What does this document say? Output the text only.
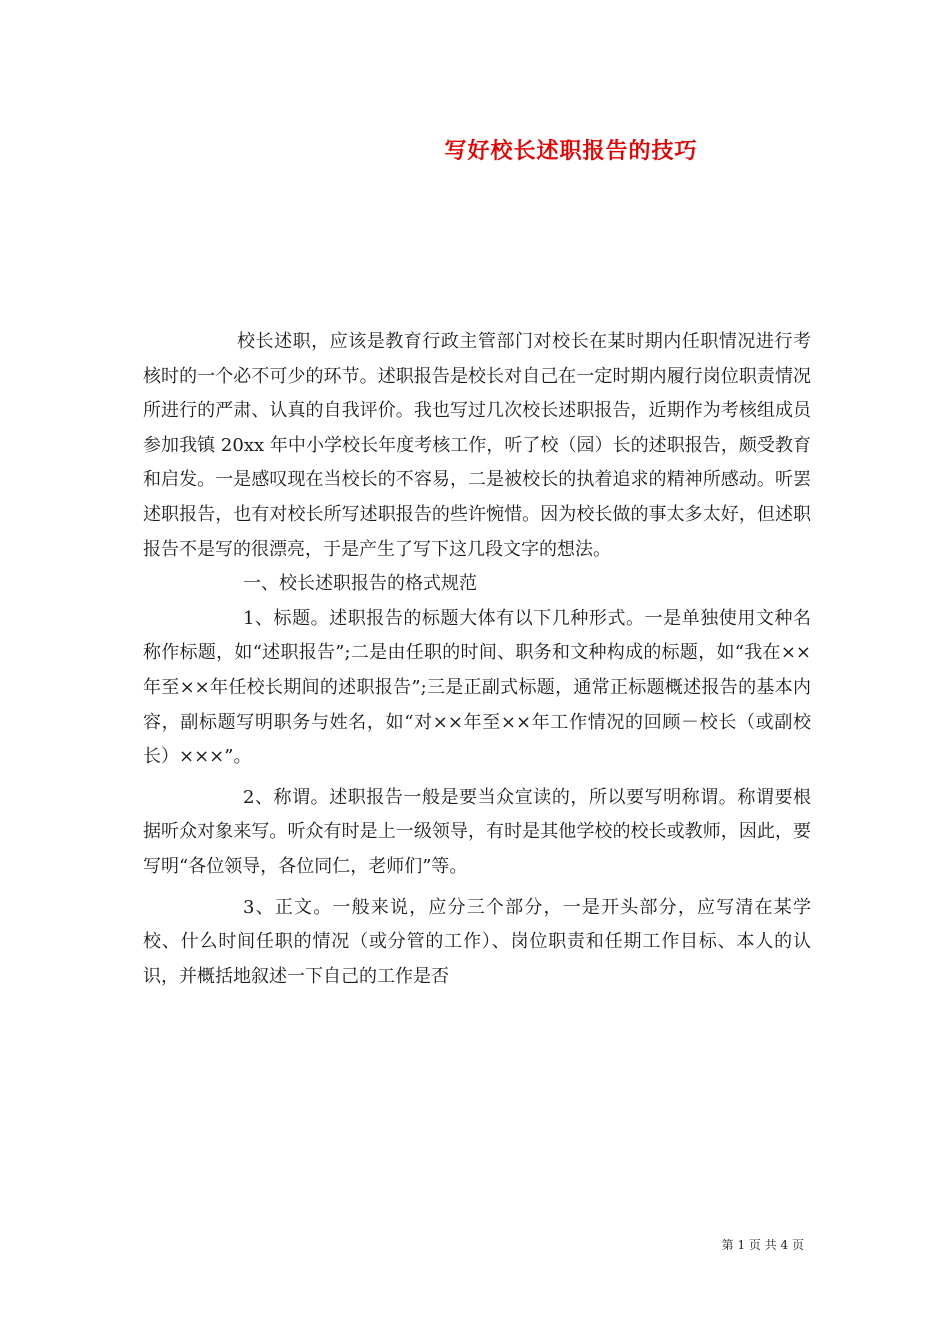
写好校长述职报告的技巧

校长述职，应该是教育行政主管部门对校长在某时期内任职情况进行考核时的一个必不可少的环节。述职报告是校长对自己在一定时期内履行岗位职责情况所进行的严肃、认真的自我评价。我也写过几次校长述职报告，近期作为考核组成员参加我镇 20xx 年中小学校长年度考核工作，听了校（园）长的述职报告，颇受教育和启发。一是感叹现在当校长的不容易，二是被校长的执着追求的精神所感动。听罢述职报告，也有对校长所写述职报告的些许惋惜。因为校长做的事太多太好，但述职报告不是写的很漂亮，于是产生了写下这几段文字的想法。

一、校长述职报告的格式规范

1、标题。述职报告的标题大体有以下几种形式。一是单独使用文种名称作标题，如“述职报告”;二是由任职的时间、职务和文种构成的标题，如“我在××年至××年任校长期间的述职报告”;三是正副式标题，通常正标题概述报告的基本内容，副标题写明职务与姓名，如“对××年至××年工作情况的回顾－校长（或副校长）×××”。

2、称谓。述职报告一般是要当众宣读的，所以要写明称谓。称谓要根据听众对象来写。听众有时是上一级领导，有时是其他学校的校长或教师，因此，要写明“各位领导，各位同仁，老师们”等。

3、正文。一般来说，应分三个部分，一是开头部分，应写清在某学校、什么时间任职的情况（或分管的工作）、岗位职责和任期工作目标、本人的认识，并概括地叙述一下自己的工作是否

第 1 页 共 4 页
